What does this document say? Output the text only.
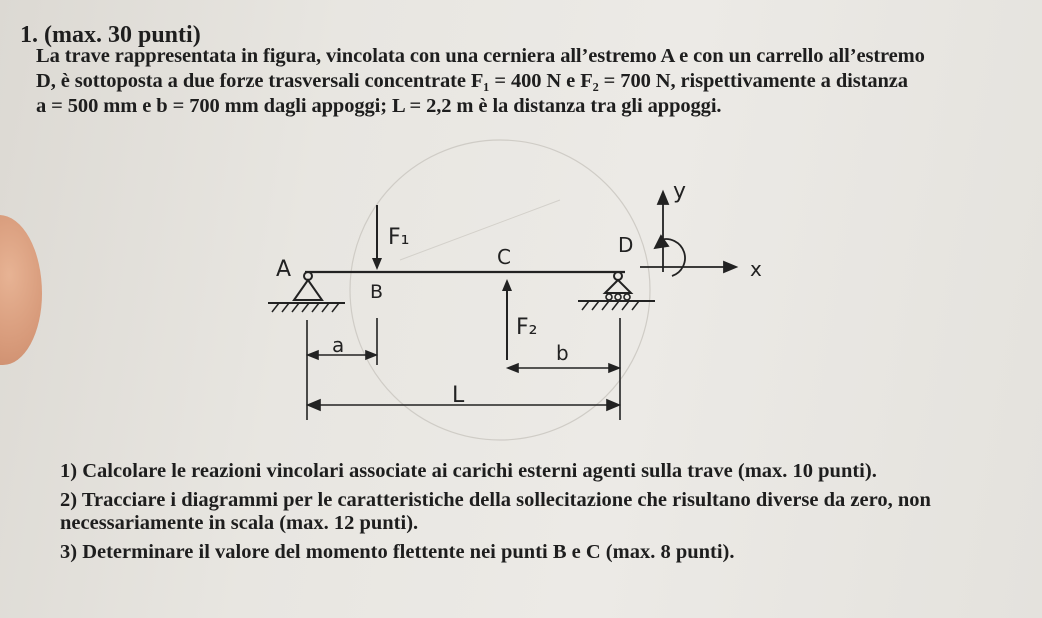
1. (max. 30 punti)
La trave rappresentata in figura, vincolata con una cerniera all’estremo A e con un carrello all’estremo
D, è sottoposta a due forze trasversali concentrate F₁ = 400 N e F₂ = 700 N, rispettivamente a distanza
a = 500 mm e b = 700 mm dagli appoggi; L = 2,2 m è la distanza tra gli appoggi.
A
B
C	D
F₁
F₂
a	b
L
x
y
1) Calcolare le reazioni vincolari associate ai carichi esterni agenti sulla trave (max. 10 punti).
2) Tracciare i diagrammi per le caratteristiche della sollecitazione che risultano diverse da zero, non
necessariamente in scala (max. 12 punti).
3) Determinare il valore del momento flettente nei punti B e C (max. 8 punti).
